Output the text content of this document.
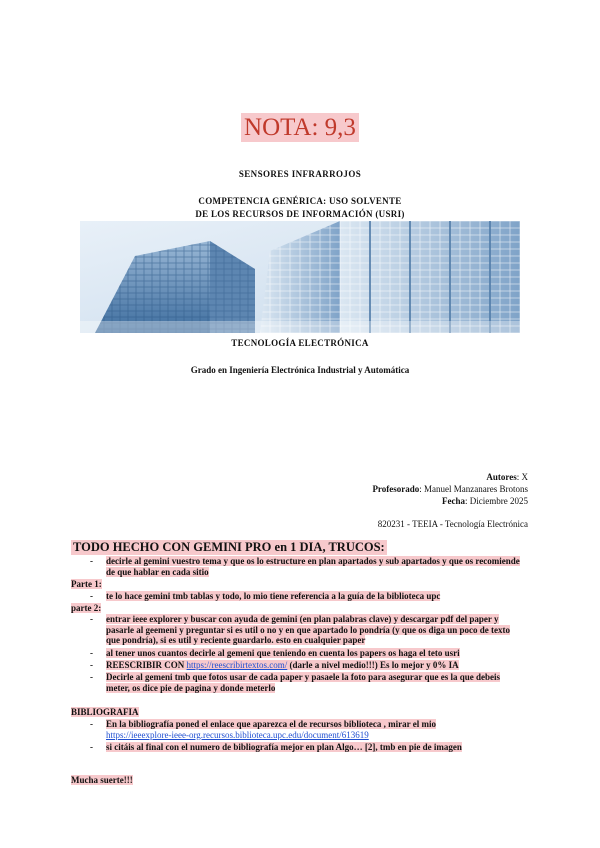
NOTA: 9,3
SENSORES INFRARROJOS
COMPETENCIA GENÉRICA: USO SOLVENTE
DE LOS RECURSOS DE INFORMACIÓN (USRI)
TECNOLOGÍA ELECTRÓNICA
Grado en Ingeniería Electrónica Industrial y Automática
Autores: X
Profesorado: Manuel Manzanares Brotons
Fecha: Diciembre 2025
820231 - TEEIA - Tecnología Electrónica
TODO HECHO CON GEMINI PRO en 1 DIA, TRUCOS:
- decirle al gemini vuestro tema y que os lo estructure en plan apartados y sub apartados y que os recomiende de que hablar en cada sitio
Parte 1:
- te lo hace gemini tmb tablas y todo, lo mio tiene referencia a la guía de la biblioteca upc
parte 2:
- entrar ieee explorer y buscar con ayuda de gemini (en plan palabras clave) y descargar pdf del paper y pasarle al geemeni y preguntar si es util o no y en que apartado lo pondría (y que os diga un poco de texto que pondría), si es util y reciente guardarlo. esto en cualquier paper
- al tener unos cuantos decirle al gemeni que teniendo en cuenta los papers os haga el teto usri
- REESCRIBIR CON https://reescribirtextos.com/ (darle a nivel medio!!!) Es lo mejor y 0% IA
- Decirle al gemeni tmb que fotos usar de cada paper y pasaele la foto para asegurar que es la que debeis meter, os dice pie de pagina y donde meterlo
BIBLIOGRAFIA
- En la bibliografía poned el enlace que aparezca el de recursos biblioteca , mirar el mio
https://ieeexplore-ieee-org.recursos.biblioteca.upc.edu/document/613619
- si citáis al final con el numero de bibliografía mejor en plan Algo… [2], tmb en pie de imagen
Mucha suerte!!!
